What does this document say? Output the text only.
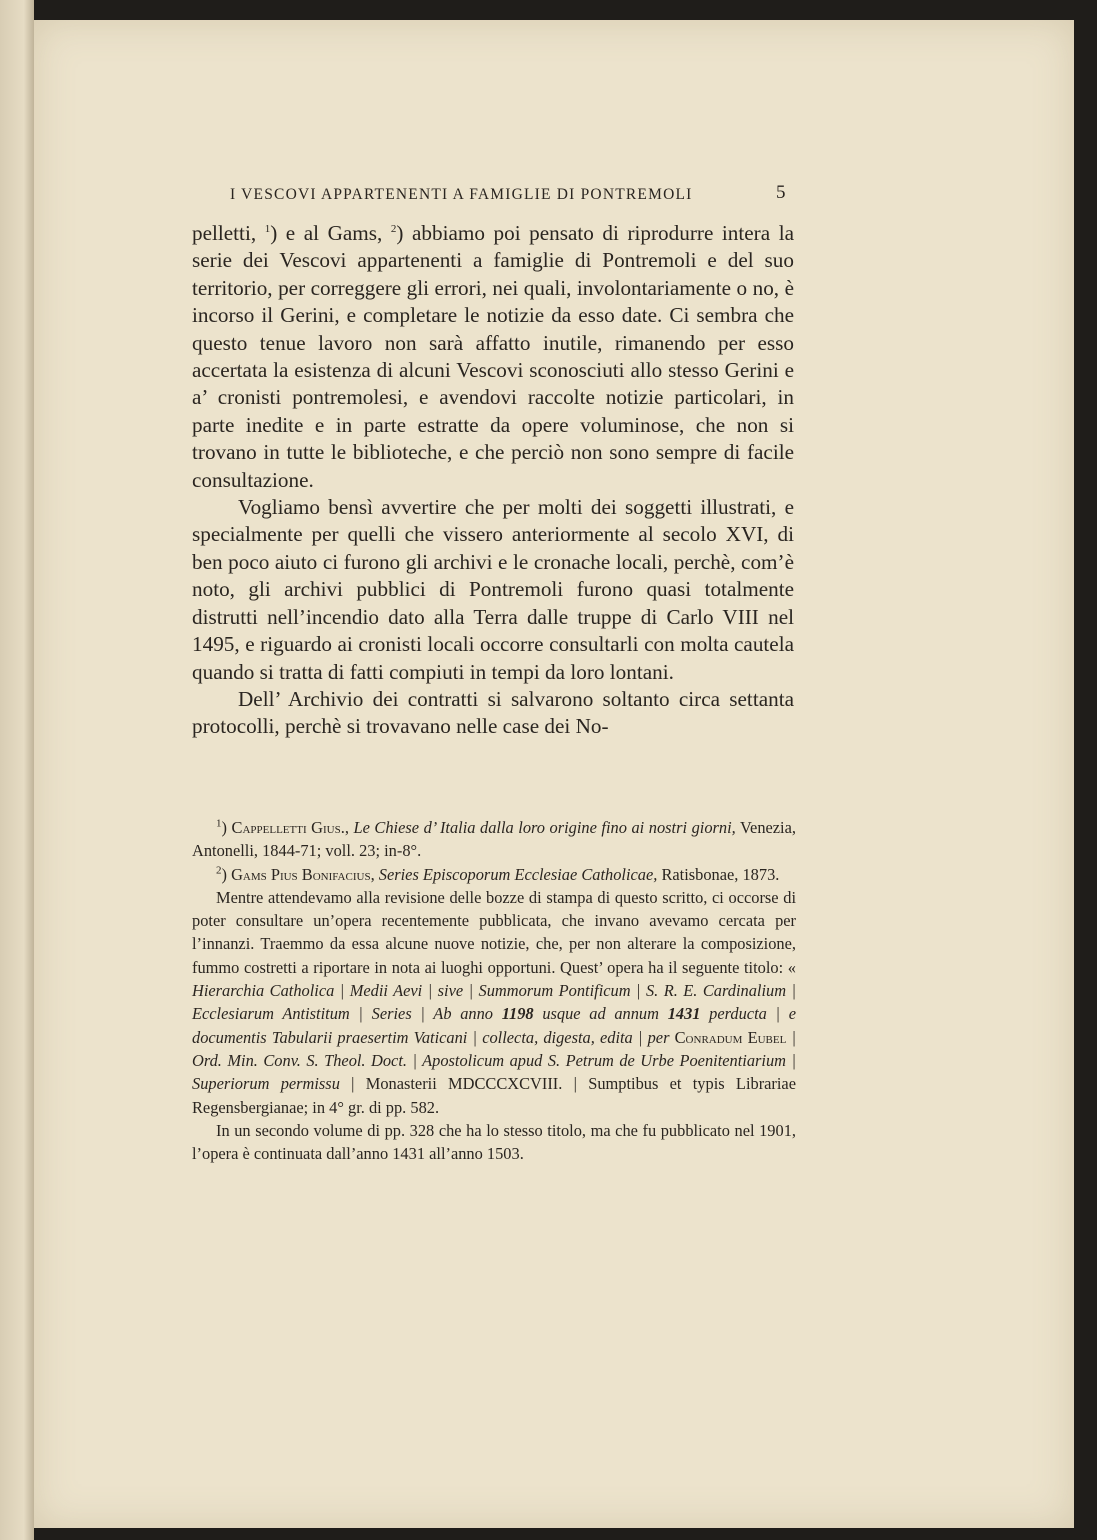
I VESCOVI APPARTENENTI A FAMIGLIE DI PONTREMOLI	5

pelletti, $^1$) e al Gams, $^2$) abbiamo poi pensato di riprodurre intera la serie dei Vescovi appartenenti a famiglie di Pontremoli e del suo territorio, per correggere gli errori, nei quali, involontariamente o no, è incorso il Gerini, e completare le notizie da esso date. Ci sembra che questo tenue lavoro non sarà affatto inutile, rimanendo per esso accertata la esistenza di alcuni Vescovi sconosciuti allo stesso Gerini e a’ cronisti pontremolesi, e avendovi raccolte notizie particolari, in parte inedite e in parte estratte da opere voluminose, che non si trovano in tutte le biblioteche, e che perciò non sono sempre di facile consultazione.

Vogliamo bensì avvertire che per molti dei soggetti illustrati, e specialmente per quelli che vissero anteriormente al secolo XVI, di ben poco aiuto ci furono gli archivi e le cronache locali, perchè, com’è noto, gli archivi pubblici di Pontremoli furono quasi totalmente distrutti nell’incendio dato alla Terra dalle truppe di Carlo VIII nel 1495, e riguardo ai cronisti locali occorre consultarli con molta cautela quando si tratta di fatti compiuti in tempi da loro lontani.

Dell’ Archivio dei contratti si salvarono soltanto circa settanta protocolli, perchè si trovavano nelle case dei No-

$^1$) Cappelletti Gius., Le Chiese d’ Italia dalla loro origine fino ai nostri giorni, Venezia, Antonelli, 1844-71; voll. 23; in-8°.

$^2$) Gams Pius Bonifacius, Series Episcoporum Ecclesiae Catholicae, Ratisbonae, 1873.

Mentre attendevamo alla revisione delle bozze di stampa di questo scritto, ci occorse di poter consultare un’opera recentemente pubblicata, che invano avevamo cercata per l’innanzi. Traemmo da essa alcune nuove notizie, che, per non alterare la composizione, fummo costretti a riportare in nota ai luoghi opportuni. Quest’ opera ha il seguente titolo: « Hierarchia Catholica | Medii Aevi | sive | Summorum Pontificum | S. R. E. Cardinalium | Ecclesiarum Antistitum | Series | Ab anno 1198 usque ad annum 1431 perducta | e documentis Tabularii praesertim Vaticani | collecta, digesta, edita | per Conradum Eubel | Ord. Min. Conv. S. Theol. Doct. | Apostolicum apud S. Petrum de Urbe Poenitentiarium | Superiorum permissu | Monasterii MDCCCXCVIII. | Sumptibus et typis Librariae Regensbergianae; in 4° gr. di pp. 582.

In un secondo volume di pp. 328 che ha lo stesso titolo, ma che fu pubblicato nel 1901, l’opera è continuata dall’anno 1431 all’anno 1503.
